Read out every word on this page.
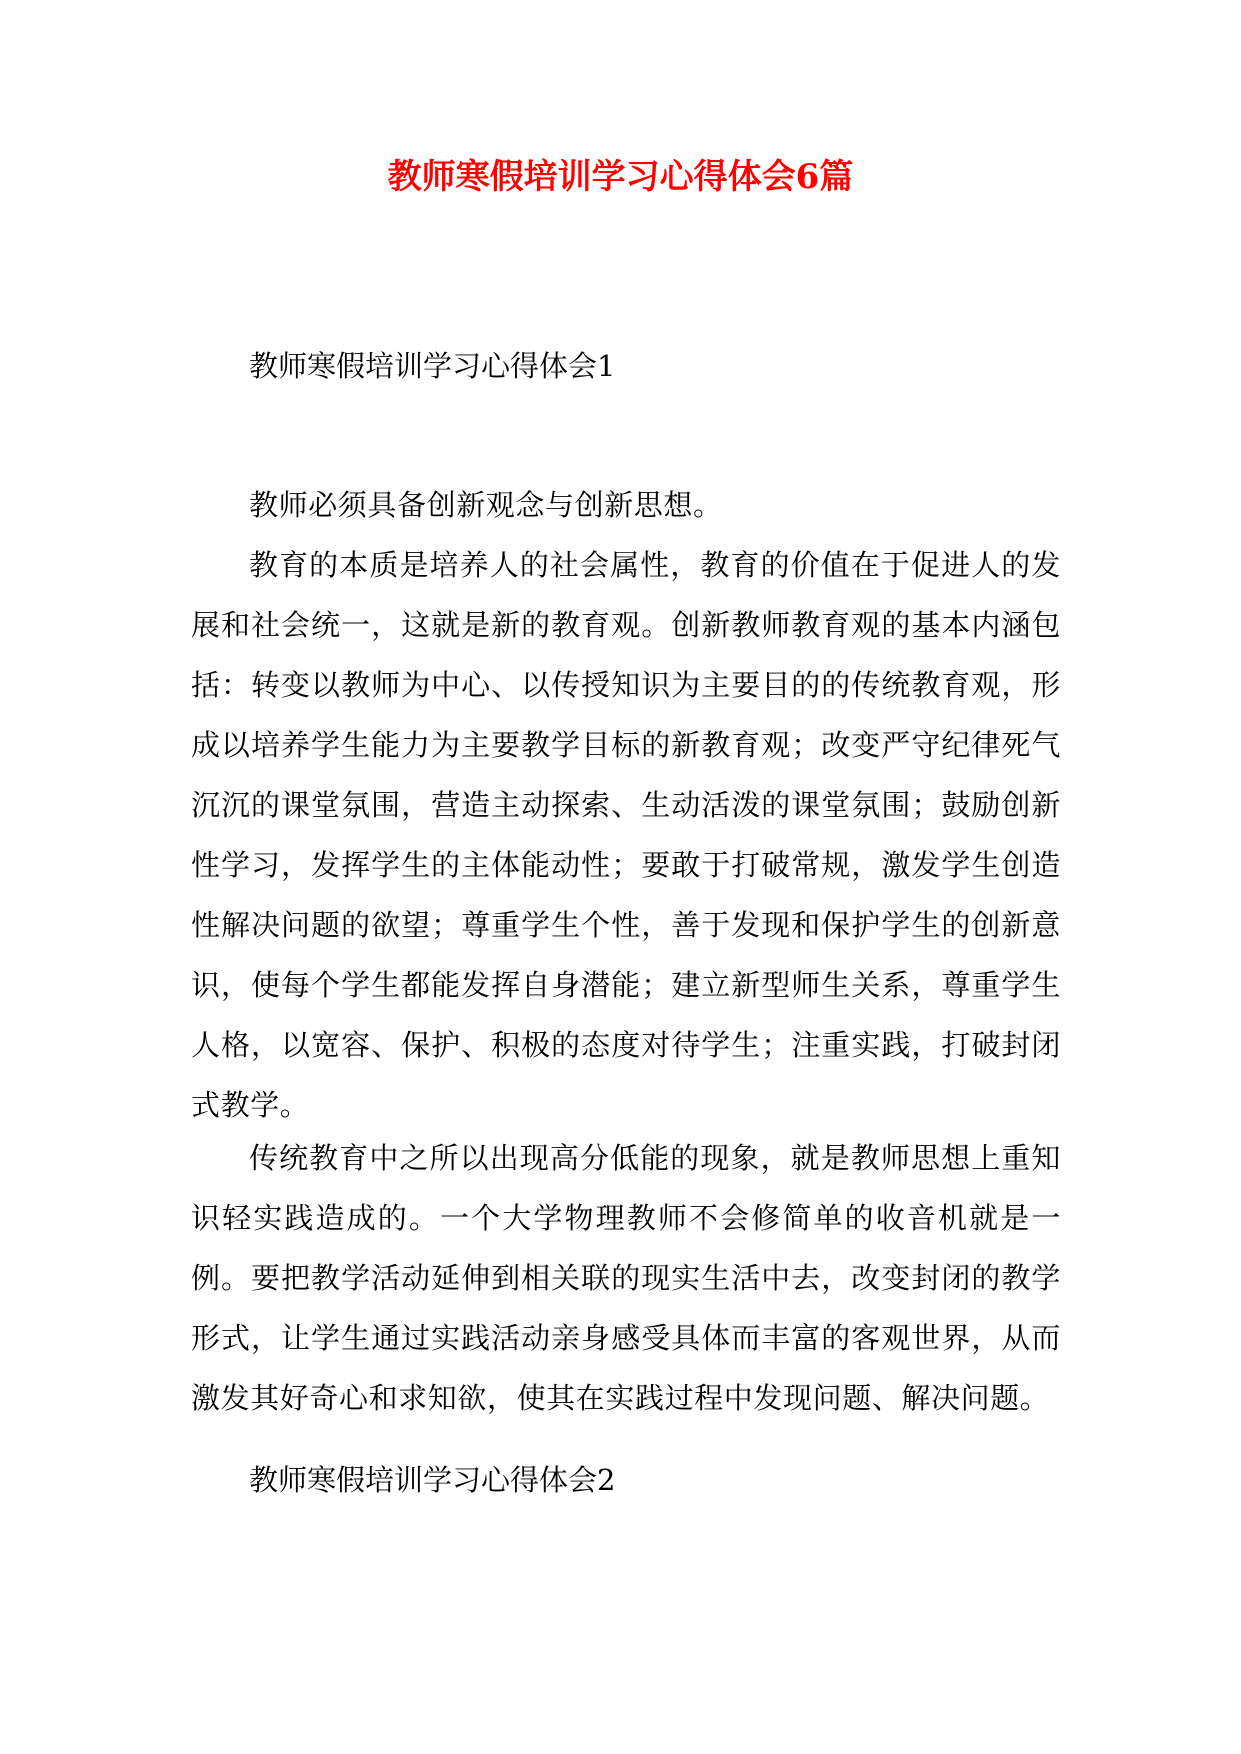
教师寒假培训学习心得体会6篇

教师寒假培训学习心得体会1

教师必须具备创新观念与创新思想。

教育的本质是培养人的社会属性，教育的价值在于促进人的发展和社会统一，这就是新的教育观。创新教师教育观的基本内涵包括：转变以教师为中心、以传授知识为主要目的的传统教育观，形成以培养学生能力为主要教学目标的新教育观；改变严守纪律死气沉沉的课堂氛围，营造主动探索、生动活泼的课堂氛围；鼓励创新性学习，发挥学生的主体能动性；要敢于打破常规，激发学生创造性解决问题的欲望；尊重学生个性，善于发现和保护学生的创新意识，使每个学生都能发挥自身潜能；建立新型师生关系，尊重学生人格，以宽容、保护、积极的态度对待学生；注重实践，打破封闭式教学。

传统教育中之所以出现高分低能的现象，就是教师思想上重知识轻实践造成的。一个大学物理教师不会修简单的收音机就是一例。要把教学活动延伸到相关联的现实生活中去，改变封闭的教学形式，让学生通过实践活动亲身感受具体而丰富的客观世界，从而激发其好奇心和求知欲，使其在实践过程中发现问题、解决问题。

教师寒假培训学习心得体会2
